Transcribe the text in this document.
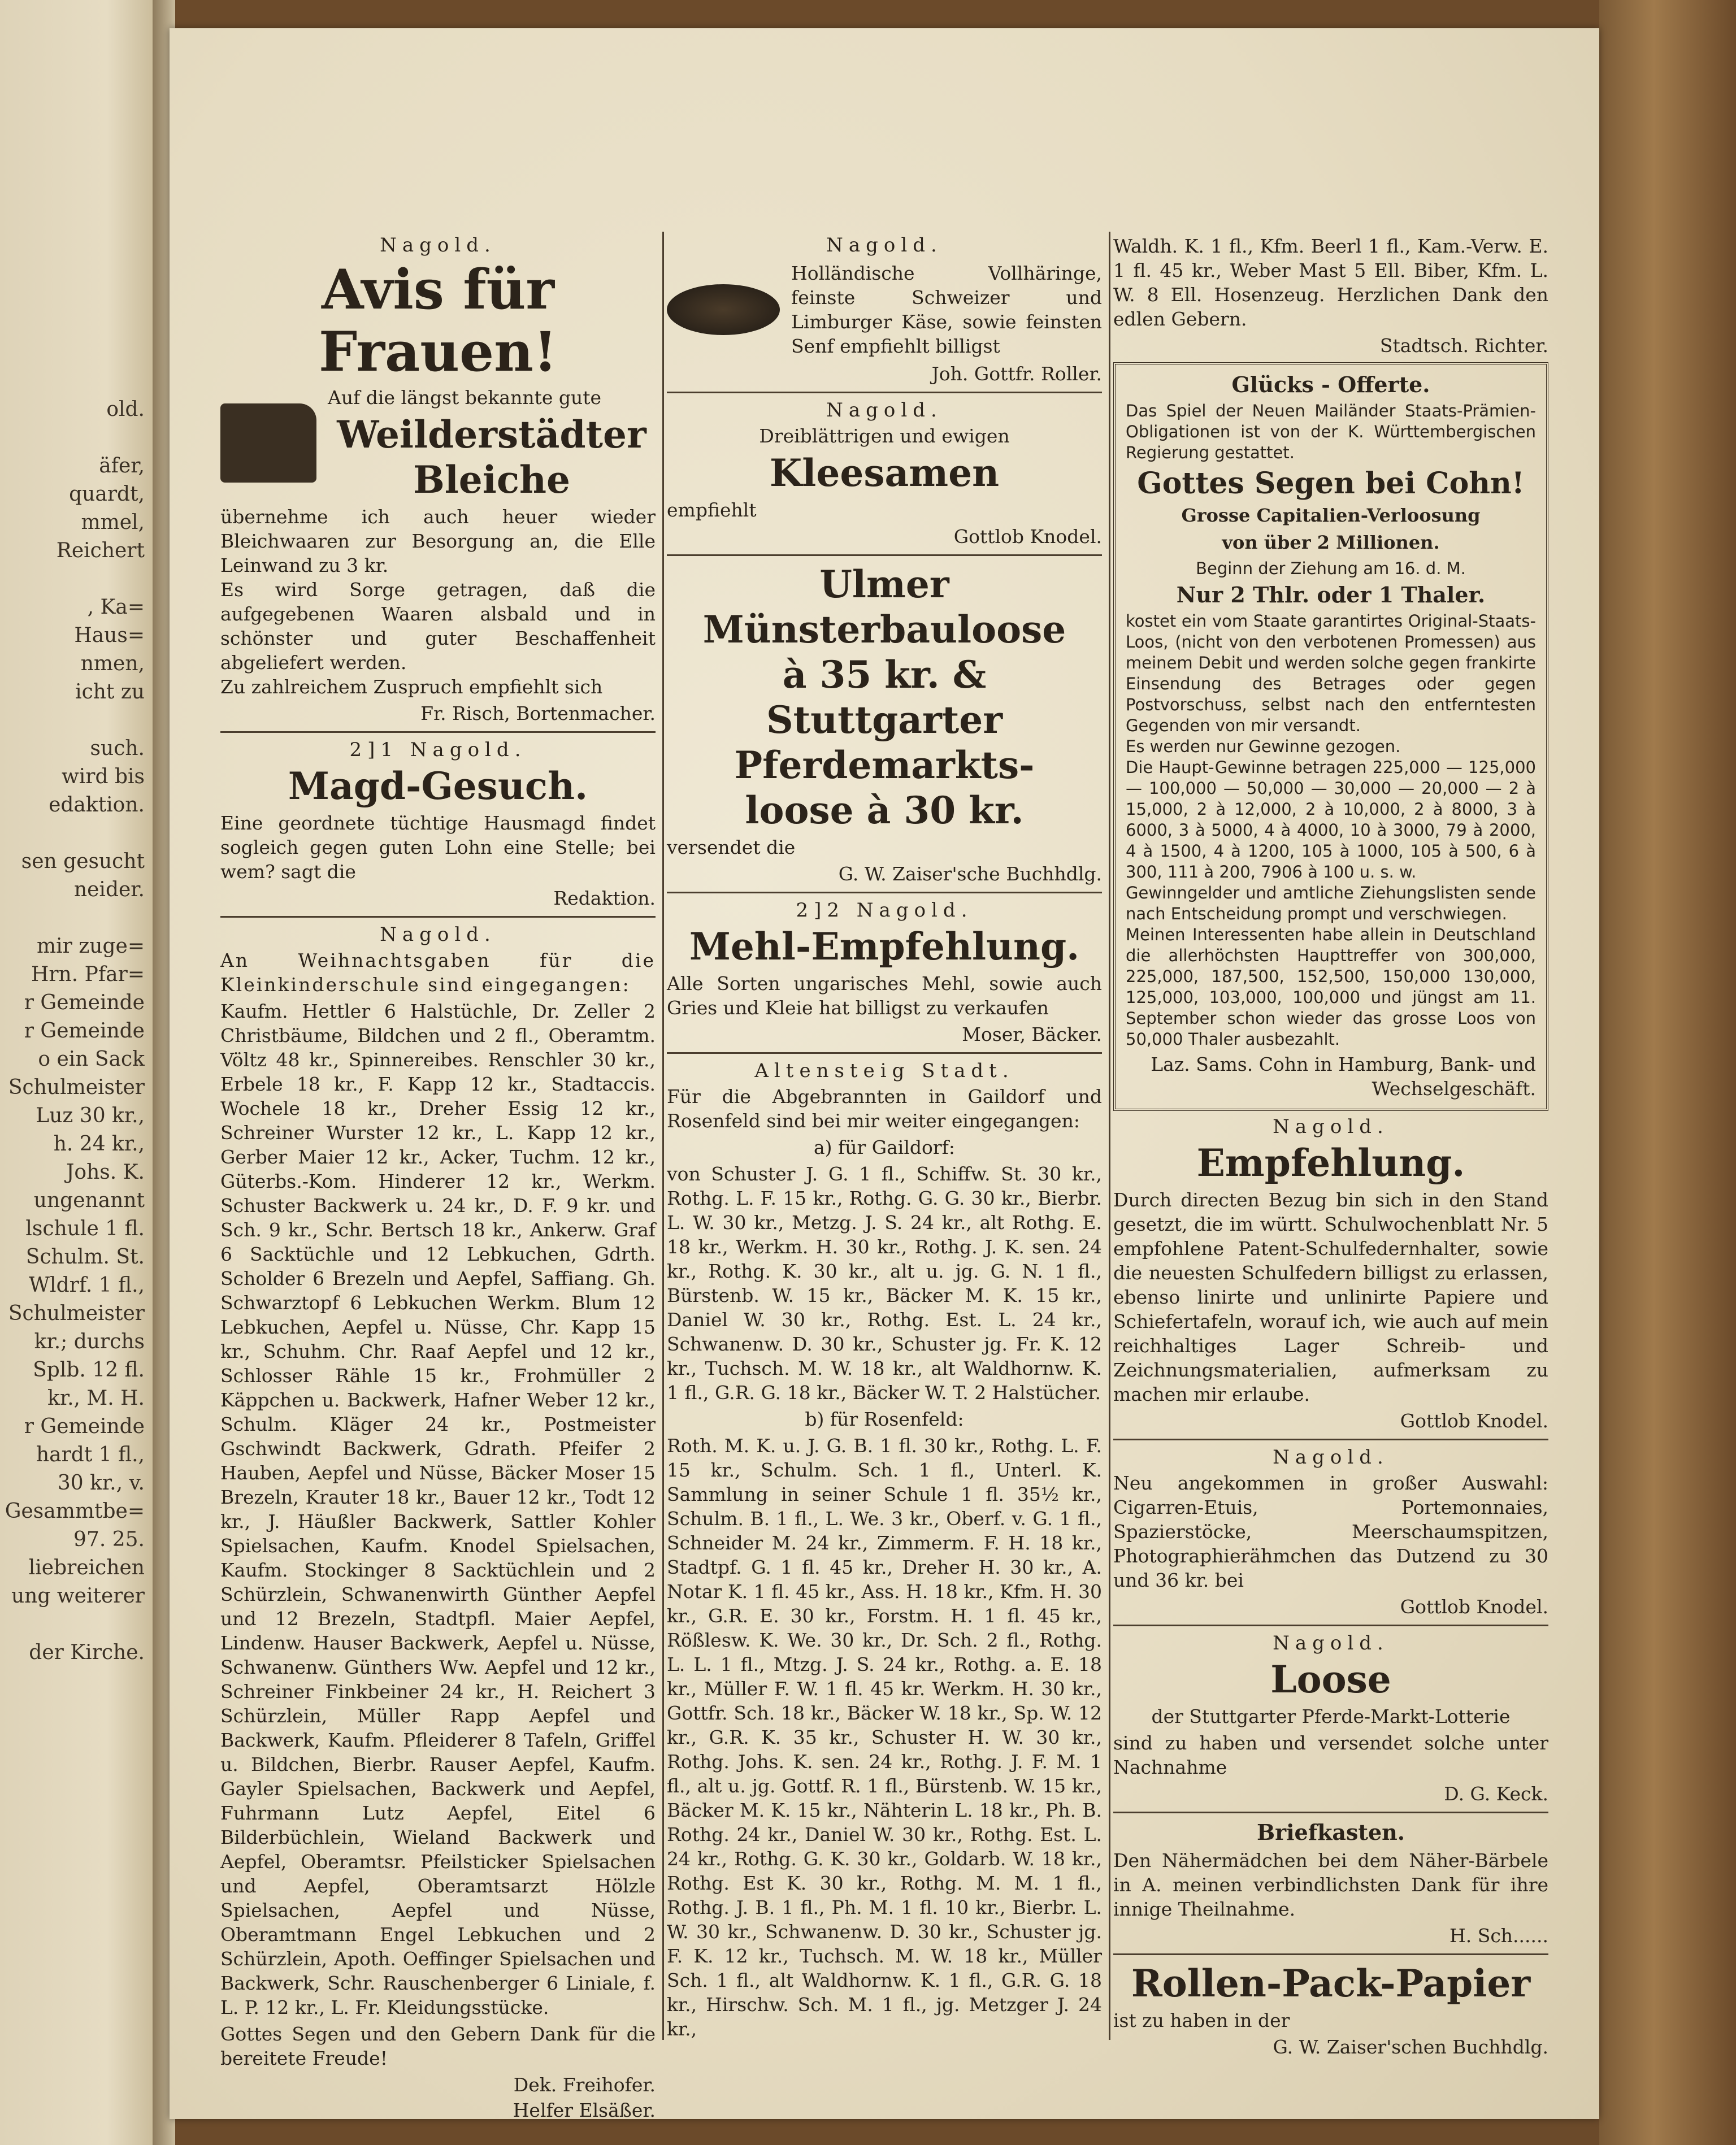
old.

äfer,
quardt,
mmel,
Reichert

, Ka=
Haus=
nmen,
icht zu

such.
wird bis
edaktion.

sen gesucht
neider.

mir zuge=
Hrn. Pfar=
r Gemeinde
r Gemeinde
o ein Sack
Schulmeister
Luz 30 kr.,
h. 24 kr.,
Johs. K.
ungenannt
lschule 1 fl.
Schulm. St.
Wldrf. 1 fl.,
Schulmeister
kr.; durchs
Splb. 12 fl.
kr., M. H.
r Gemeinde
hardt 1 fl.,
30 kr., v.
Gesammtbe=
97. 25.
liebreichen
ung weiterer

der Kirche.
Nagold.
Avis für Frauen!
Auf die längst bekannte gute
Weilderstädter Bleiche
übernehme ich auch heuer wieder Bleichwaaren zur Besorgung an, die Elle Leinwand zu 3 kr.
Es wird Sorge getragen, daß die aufgegebenen Waaren alsbald und in schönster und guter Beschaffenheit abgeliefert werden.
Zu zahlreichem Zuspruch empfiehlt sich
Fr. Risch, Bortenmacher.
2]1 Nagold.
Magd-Gesuch.
Eine geordnete tüchtige Hausmagd findet sogleich gegen guten Lohn eine Stelle; bei wem? sagt die
Redaktion.
Nagold.
An Weihnachtsgaben für die Kleinkinderschule sind eingegangen:
Kaufm. Hettler 6 Halstüchle, Dr. Zeller 2 Christbäume, Bildchen und 2 fl., Oberamtm. Völtz 48 kr., Spinnereibes. Renschler 30 kr., Erbele 18 kr., F. Kapp 12 kr., Stadtaccis. Wochele 18 kr., Dreher Essig 12 kr., Schreiner Wurster 12 kr., L. Kapp 12 kr., Gerber Maier 12 kr., Acker, Tuchm. 12 kr., Güterbs.-Kom. Hinderer 12 kr., Werkm. Schuster Backwerk u. 24 kr., D. F. 9 kr. und Sch. 9 kr., Schr. Bertsch 18 kr., Ankerw. Graf 6 Sacktüchle und 12 Lebkuchen, Gdrth. Scholder 6 Brezeln und Aepfel, Saffiang. Gh. Schwarztopf 6 Lebkuchen Werkm. Blum 12 Lebkuchen, Aepfel u. Nüsse, Chr. Kapp 15 kr., Schuhm. Chr. Raaf Aepfel und 12 kr., Schlosser Rähle 15 kr., Frohmüller 2 Käppchen u. Backwerk, Hafner Weber 12 kr., Schulm. Kläger 24 kr., Postmeister Gschwindt Backwerk, Gdrath. Pfeifer 2 Hauben, Aepfel und Nüsse, Bäcker Moser 15 Brezeln, Krauter 18 kr., Bauer 12 kr., Todt 12 kr., J. Häußler Backwerk, Sattler Kohler Spielsachen, Kaufm. Knodel Spielsachen, Kaufm. Stockinger 8 Sacktüchlein und 2 Schürzlein, Schwanenwirth Günther Aepfel und 12 Brezeln, Stadtpfl. Maier Aepfel, Lindenw. Hauser Backwerk, Aepfel u. Nüsse, Schwanenw. Günthers Ww. Aepfel und 12 kr., Schreiner Finkbeiner 24 kr., H. Reichert 3 Schürzlein, Müller Rapp Aepfel und Backwerk, Kaufm. Pfleiderer 8 Tafeln, Griffel u. Bildchen, Bierbr. Rauser Aepfel, Kaufm. Gayler Spielsachen, Backwerk und Aepfel, Fuhrmann Lutz Aepfel, Eitel 6 Bilderbüchlein, Wieland Backwerk und Aepfel, Oberamtsr. Pfeilsticker Spielsachen und Aepfel, Oberamtsarzt Hölzle Spielsachen, Aepfel und Nüsse, Oberamtmann Engel Lebkuchen und 2 Schürzlein, Apoth. Oeffinger Spielsachen und Backwerk, Schr. Rauschenberger 6 Liniale, f. L. P. 12 kr., L. Fr. Kleidungsstücke.
Gottes Segen und den Gebern Dank für die bereitete Freude!
Dek. Freihofer.
Helfer Elsäßer.
Nagold.
Holländische Vollhäringe, feinste Schweizer und Limburger Käse, sowie feinsten Senf empfiehlt billigst
Joh. Gottfr. Roller.
Nagold.
Dreiblättrigen und ewigen
Kleesamen
empfiehlt
Gottlob Knodel.
Ulmer Münsterbauloose
à 35 kr. &
Stuttgarter Pferdemarkts-
loose à 30 kr.
versendet die
G. W. Zaiser'sche Buchhdlg.
2]2 Nagold.
Mehl-Empfehlung.
Alle Sorten ungarisches Mehl, sowie auch Gries und Kleie hat billigst zu verkaufen
Moser, Bäcker.
Altensteig Stadt.
Für die Abgebrannten in Gaildorf und Rosenfeld sind bei mir weiter eingegangen:
a) für Gaildorf:
von Schuster J. G. 1 fl., Schiffw. St. 30 kr., Rothg. L. F. 15 kr., Rothg. G. G. 30 kr., Bierbr. L. W. 30 kr., Metzg. J. S. 24 kr., alt Rothg. E. 18 kr., Werkm. H. 30 kr., Rothg. J. K. sen. 24 kr., Rothg. K. 30 kr., alt u. jg. G. N. 1 fl., Bürstenb. W. 15 kr., Bäcker M. K. 15 kr., Daniel W. 30 kr., Rothg. Est. L. 24 kr., Schwanenw. D. 30 kr., Schuster jg. Fr. K. 12 kr., Tuchsch. M. W. 18 kr., alt Waldhornw. K. 1 fl., G.R. G. 18 kr., Bäcker W. T. 2 Halstücher.
b) für Rosenfeld:
Roth. M. K. u. J. G. B. 1 fl. 30 kr., Rothg. L. F. 15 kr., Schulm. Sch. 1 fl., Unterl. K. Sammlung in seiner Schule 1 fl. 35½ kr., Schulm. B. 1 fl., L. We. 3 kr., Oberf. v. G. 1 fl., Schneider M. 24 kr., Zimmerm. F. H. 18 kr., Stadtpf. G. 1 fl. 45 kr., Dreher H. 30 kr., A. Notar K. 1 fl. 45 kr., Ass. H. 18 kr., Kfm. H. 30 kr., G.R. E. 30 kr., Forstm. H. 1 fl. 45 kr., Rößlesw. K. We. 30 kr., Dr. Sch. 2 fl., Rothg. L. L. 1 fl., Mtzg. J. S. 24 kr., Rothg. a. E. 18 kr., Müller F. W. 1 fl. 45 kr. Werkm. H. 30 kr., Gottfr. Sch. 18 kr., Bäcker W. 18 kr., Sp. W. 12 kr., G.R. K. 35 kr., Schuster H. W. 30 kr., Rothg. Johs. K. sen. 24 kr., Rothg. J. F. M. 1 fl., alt u. jg. Gottf. R. 1 fl., Bürstenb. W. 15 kr., Bäcker M. K. 15 kr., Nähterin L. 18 kr., Ph. B. Rothg. 24 kr., Daniel W. 30 kr., Rothg. Est. L. 24 kr., Rothg. G. K. 30 kr., Goldarb. W. 18 kr., Rothg. Est K. 30 kr., Rothg. M. M. 1 fl., Rothg. J. B. 1 fl., Ph. M. 1 fl. 10 kr., Bierbr. L. W. 30 kr., Schwanenw. D. 30 kr., Schuster jg. F. K. 12 kr., Tuchsch. M. W. 18 kr., Müller Sch. 1 fl., alt Waldhornw. K. 1 fl., G.R. G. 18 kr., Hirschw. Sch. M. 1 fl., jg. Metzger J. 24 kr.,
Waldh. K. 1 fl., Kfm. Beerl 1 fl., Kam.-Verw. E. 1 fl. 45 kr., Weber Mast 5 Ell. Biber, Kfm. L. W. 8 Ell. Hosenzeug. Herzlichen Dank den edlen Gebern.
Stadtsch. Richter.
Glücks - Offerte.
Das Spiel der Neuen Mailänder Staats-Prämien-Obligationen ist von der K. Württembergischen Regierung gestattet.
Gottes Segen bei Cohn!
Grosse Capitalien-Verloosung
von über 2 Millionen.
Beginn der Ziehung am 16. d. M.
Nur 2 Thlr. oder 1 Thaler.
kostet ein vom Staate garantirtes Original-Staats-Loos, (nicht von den verbotenen Promessen) aus meinem Debit und werden solche gegen frankirte Einsendung des Betrages oder gegen Postvorschuss, selbst nach den entferntesten Gegenden von mir versandt.
Es werden nur Gewinne gezogen.
Die Haupt-Gewinne betragen 225,000 — 125,000 — 100,000 — 50,000 — 30,000 — 20,000 — 2 à 15,000, 2 à 12,000, 2 à 10,000, 2 à 8000, 3 à 6000, 3 à 5000, 4 à 4000, 10 à 3000, 79 à 2000, 4 à 1500, 4 à 1200, 105 à 1000, 105 à 500, 6 à 300, 111 à 200, 7906 à 100 u. s. w.
Gewinngelder und amtliche Ziehungslisten sende nach Entscheidung prompt und verschwiegen.
Meinen Interessenten habe allein in Deutschland die allerhöchsten Haupttreffer von 300,000, 225,000, 187,500, 152,500, 150,000 130,000, 125,000, 103,000, 100,000 und jüngst am 11. September schon wieder das grosse Loos von 50,000 Thaler ausbezahlt.
Laz. Sams. Cohn in Hamburg, Bank- und Wechselgeschäft.
Nagold.
Empfehlung.
Durch directen Bezug bin sich in den Stand gesetzt, die im württ. Schulwochenblatt Nr. 5 empfohlene Patent-Schulfedernhalter, sowie die neuesten Schulfedern billigst zu erlassen, ebenso linirte und unlinirte Papiere und Schiefertafeln, worauf ich, wie auch auf mein reichhaltiges Lager Schreib- und Zeichnungsmaterialien, aufmerksam zu machen mir erlaube.
Gottlob Knodel.
Nagold.
Neu angekommen in großer Auswahl: Cigarren-Etuis, Portemonnaies, Spazierstöcke, Meerschaumspitzen, Photographierähmchen das Dutzend zu 30 und 36 kr. bei
Gottlob Knodel.
Nagold.
Loose
der Stuttgarter Pferde-Markt-Lotterie
sind zu haben und versendet solche unter Nachnahme
D. G. Keck.
Briefkasten.
Den Nähermädchen bei dem Näher-Bärbele in A. meinen verbindlichsten Dank für ihre innige Theilnahme.
H. Sch......
Rollen-Pack-Papier
ist zu haben in der
G. W. Zaiser'schen Buchhdlg.
